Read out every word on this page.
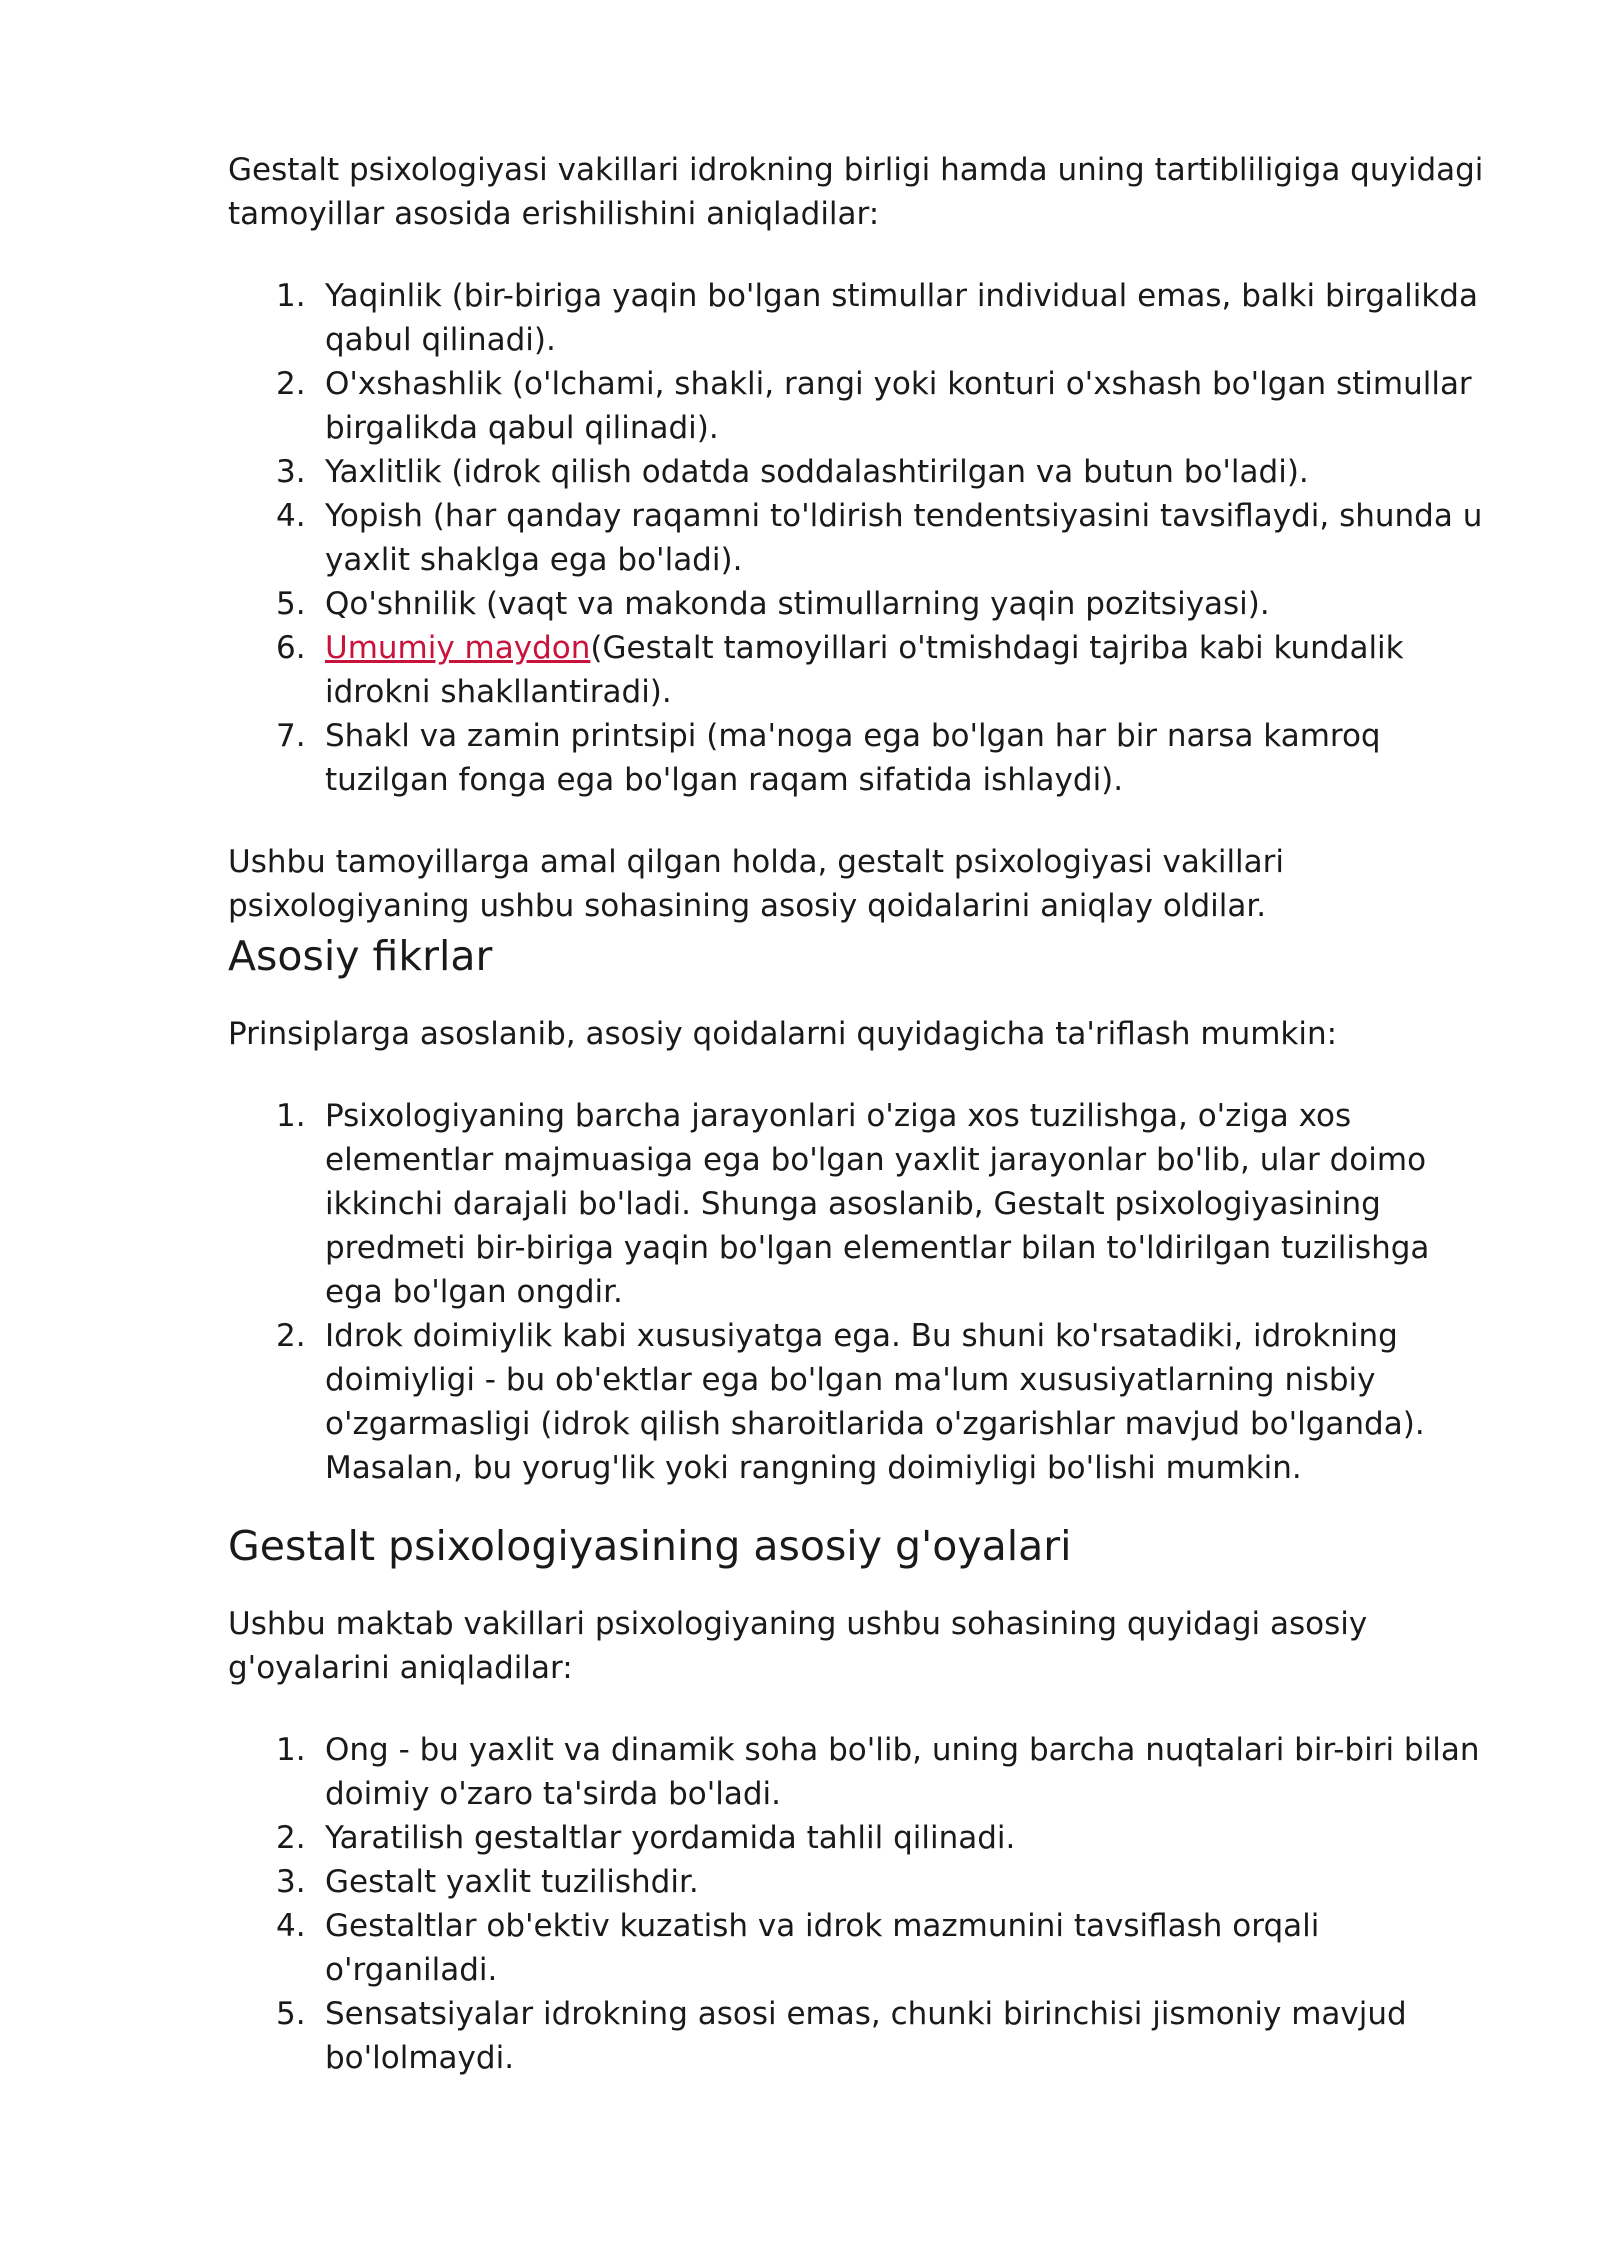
Gestalt psixologiyasi vakillari idrokning birligi hamda uning tartibliligiga quyidagi tamoyillar asosida erishilishini aniqladilar:

1. Yaqinlik (bir-biriga yaqin bo'lgan stimullar individual emas, balki birgalikda qabul qilinadi).
2. O'xshashlik (o'lchami, shakli, rangi yoki konturi o'xshash bo'lgan stimullar birgalikda qabul qilinadi).
3. Yaxlitlik (idrok qilish odatda soddalashtirilgan va butun bo'ladi).
4. Yopish (har qanday raqamni to'ldirish tendentsiyasini tavsiflaydi, shunda u yaxlit shaklga ega bo'ladi).
5. Qo'shnilik (vaqt va makonda stimullarning yaqin pozitsiyasi).
6. Umumiy maydon(Gestalt tamoyillari o'tmishdagi tajriba kabi kundalik idrokni shakllantiradi).
7. Shakl va zamin printsipi (ma'noga ega bo'lgan har bir narsa kamroq tuzilgan fonga ega bo'lgan raqam sifatida ishlaydi).

Ushbu tamoyillarga amal qilgan holda, gestalt psixologiyasi vakillari psixologiyaning ushbu sohasining asosiy qoidalarini aniqlay oldilar.

Asosiy fikrlar

Prinsiplarga asoslanib, asosiy qoidalarni quyidagicha ta'riflash mumkin:

1. Psixologiyaning barcha jarayonlari o'ziga xos tuzilishga, o'ziga xos elementlar majmuasiga ega bo'lgan yaxlit jarayonlar bo'lib, ular doimo ikkinchi darajali bo'ladi. Shunga asoslanib, Gestalt psixologiyasining predmeti bir-biriga yaqin bo'lgan elementlar bilan to'ldirilgan tuzilishga ega bo'lgan ongdir.
2. Idrok doimiylik kabi xususiyatga ega. Bu shuni ko'rsatadiki, idrokning doimiyligi - bu ob'ektlar ega bo'lgan ma'lum xususiyatlarning nisbiy o'zgarmasligi (idrok qilish sharoitlarida o'zgarishlar mavjud bo'lganda). Masalan, bu yorug'lik yoki rangning doimiyligi bo'lishi mumkin.
Gestalt psixologiyasining asosiy g'oyalari

Ushbu maktab vakillari psixologiyaning ushbu sohasining quyidagi asosiy g'oyalarini aniqladilar:

1. Ong - bu yaxlit va dinamik soha bo'lib, uning barcha nuqtalari bir-biri bilan doimiy o'zaro ta'sirda bo'ladi.
2. Yaratilish gestaltlar yordamida tahlil qilinadi.
3. Gestalt yaxlit tuzilishdir.
4. Gestaltlar ob'ektiv kuzatish va idrok mazmunini tavsiflash orqali o'rganiladi.
5. Sensatsiyalar idrokning asosi emas, chunki birinchisi jismoniy mavjud bo'lolmaydi.
